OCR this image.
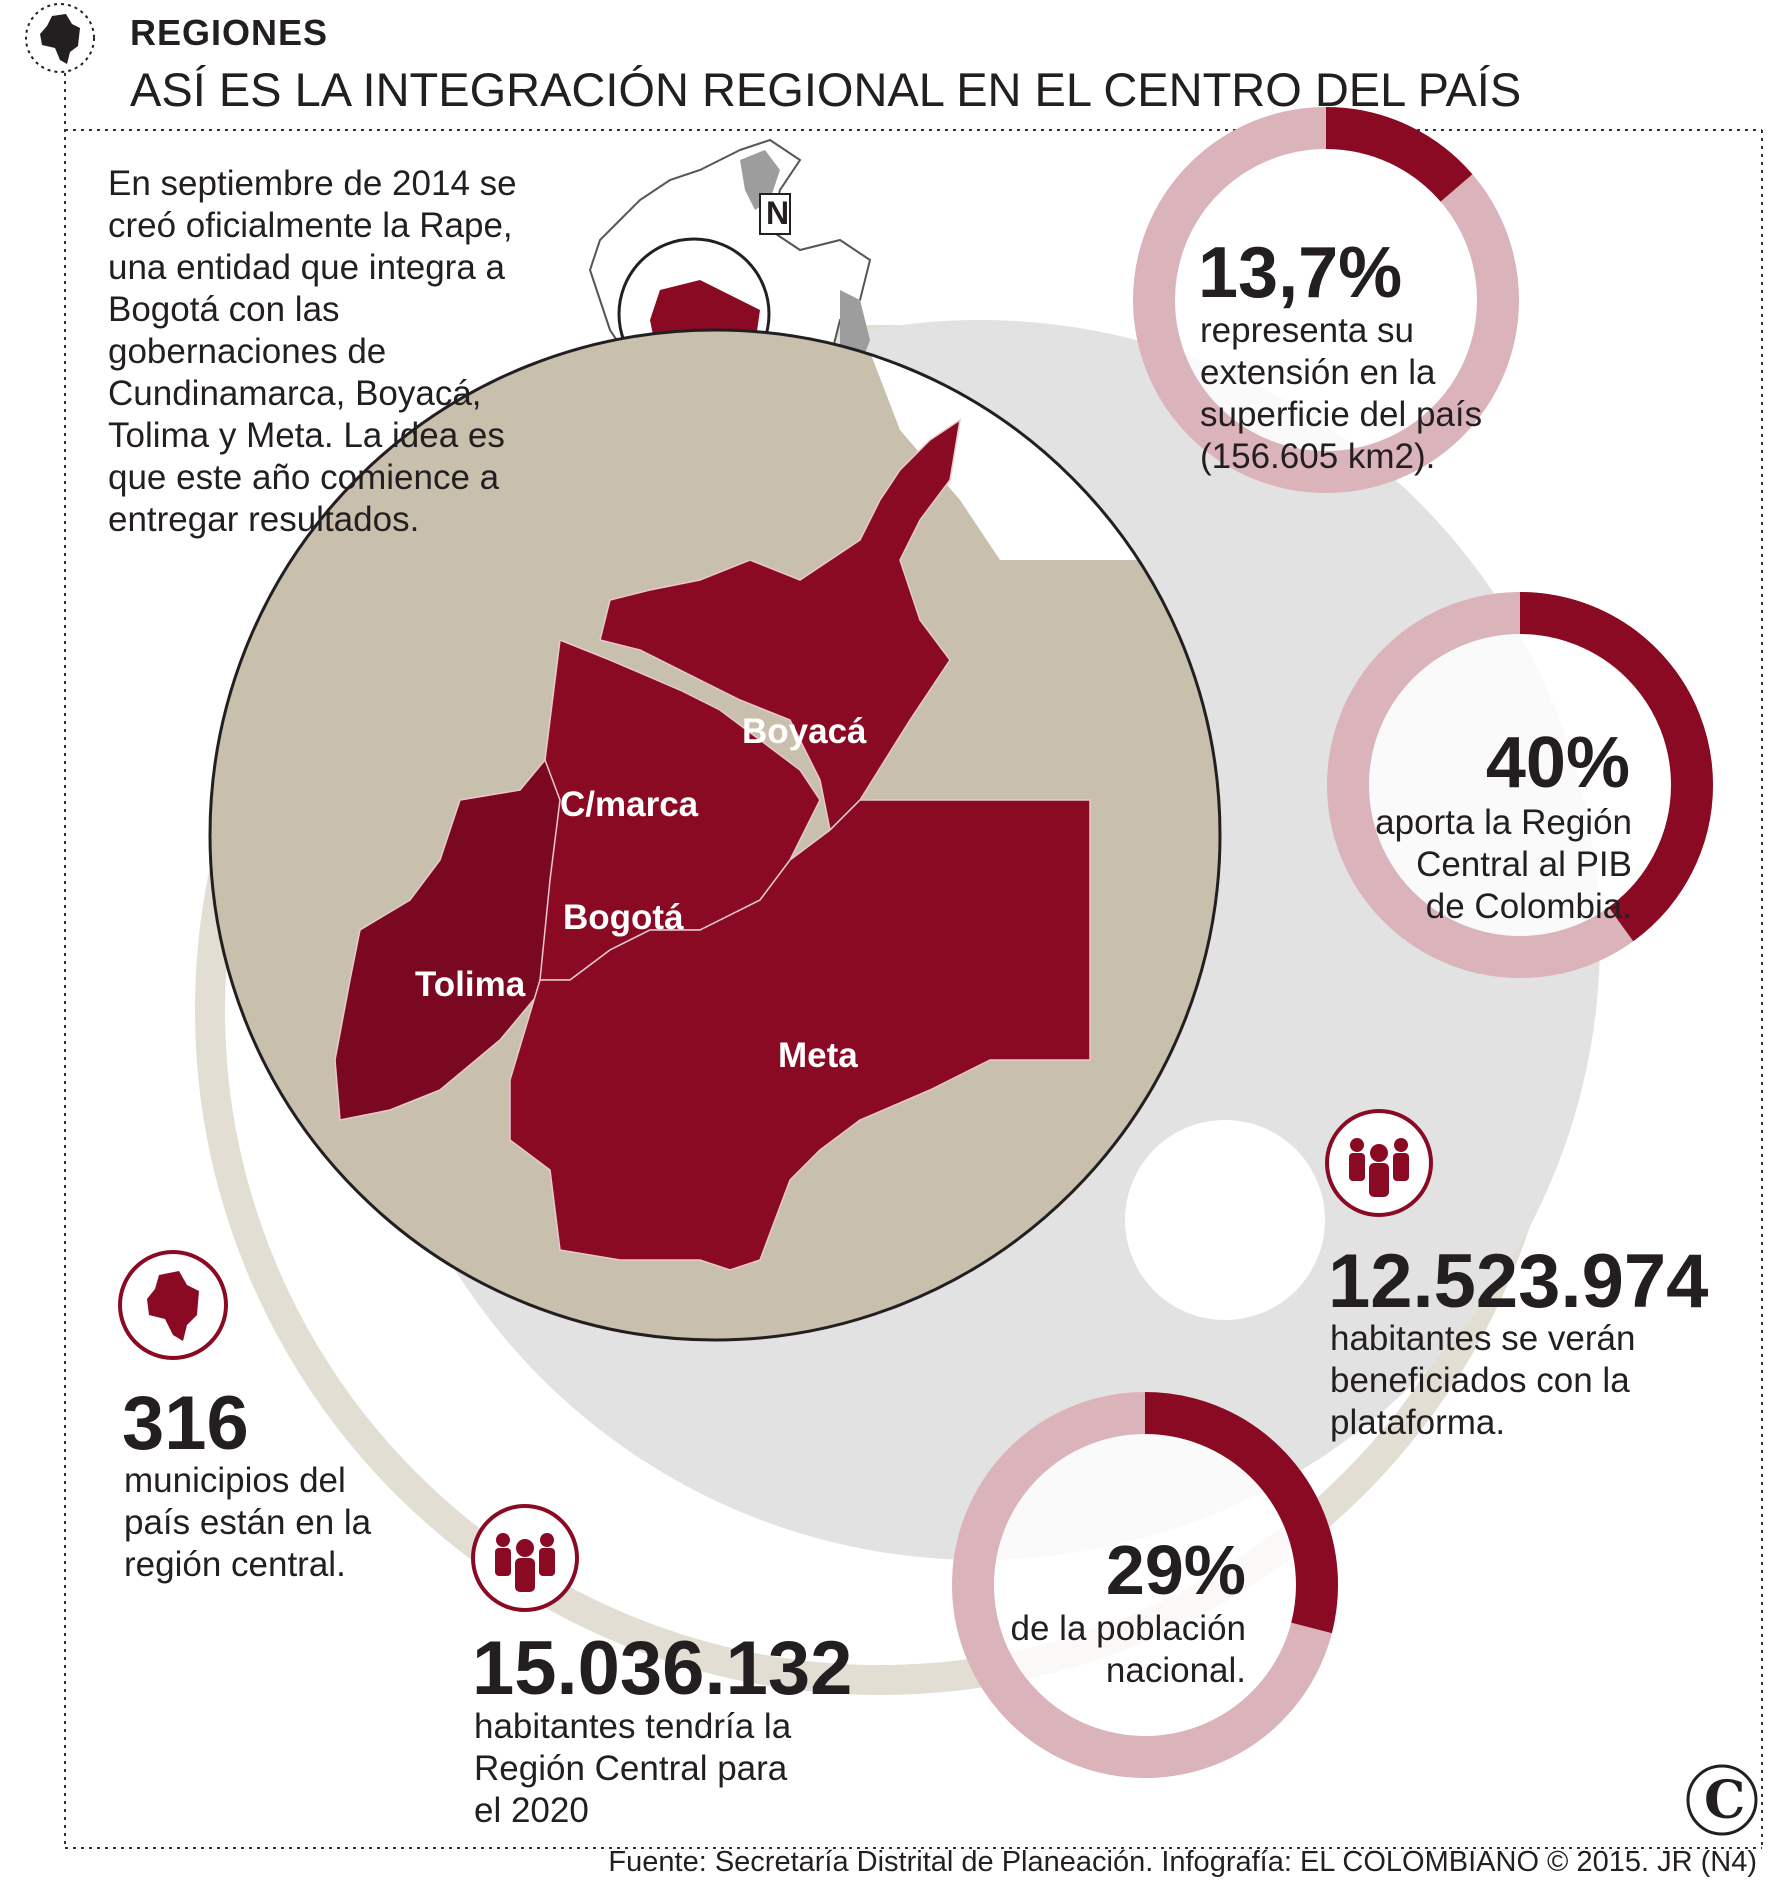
REGIONES
ASÍ ES LA INTEGRACIÓN REGIONAL EN EL CENTRO DEL PAÍS
En septiembre de 2014 se creó oficialmente la Rape, una entidad que integra a Bogotá con las gobernaciones de Cundinamarca, Boyacá, Tolima y Meta. La idea es que este año comience a entregar resultados.
N
Boyacá
C/marca
Bogotá
Tolima
Meta
13,7%
representa su extensión en la superficie del país (156.605 km2).
40%
aporta la Región Central al PIB de Colombia.
12.523.974
habitantes se verán beneficiados con la plataforma.
29%
de la población nacional.
316
municipios del país están en la región central.
15.036.132
habitantes tendría la Región Central para el 2020	C
Fuente: Secretaría Distrital de Planeación. Infografía: EL COLOMBIANO © 2015. JR (N4)
